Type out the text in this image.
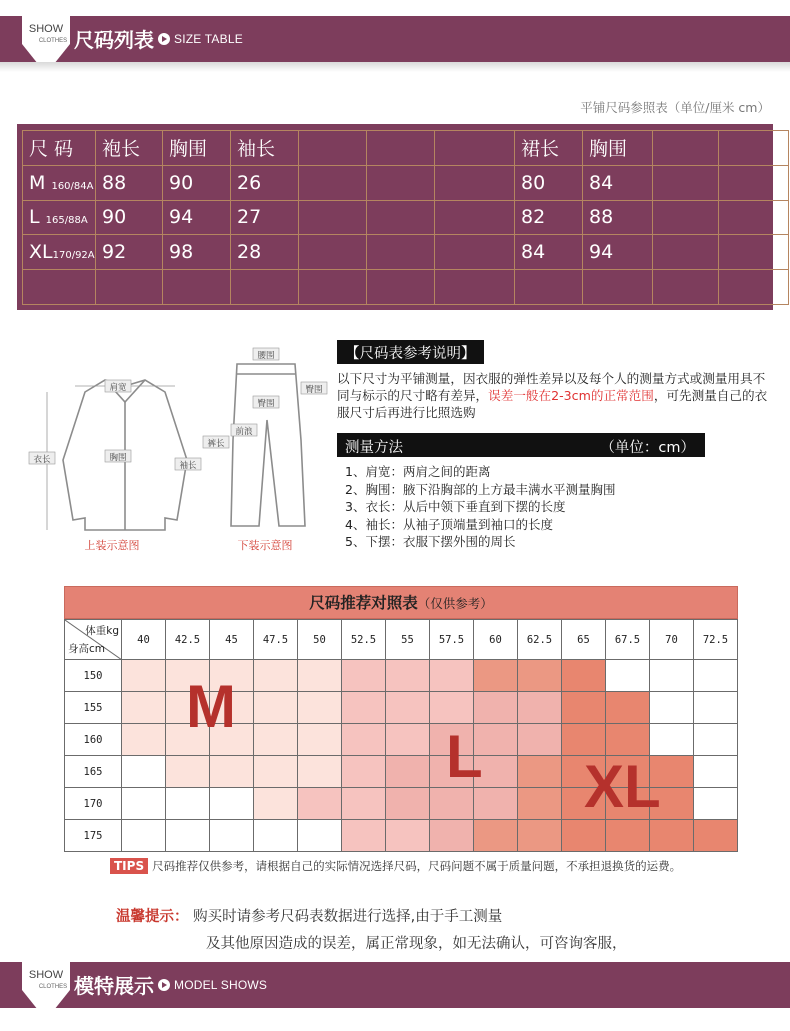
SHOW
CLOTHES 尺码列表 SIZE TABLE
平铺尺码参照表（单位/厘米 cm）
尺 码	袍长	胸围	袖长				裙长	胸围		
M 160/84A	88	90	26				80	84		
L 165/88A	90	94	27				82	88		
XL170/92A	92	98	28				84	94		

肩宽
胸围
衣长
袖长
上装示意图
腰围
臀围
臀围
前浪
裤长
下装示意图
【尺码表参考说明】
以下尺寸为平铺测量，因衣服的弹性差异以及每个人的测量方式或测量用具不同与标示的尺寸略有差异，误差一般在2-3cm的正常范围，可先测量自己的衣服尺寸后再进行比照选购
测量方法	（单位：cm）
1、肩宽：两肩之间的距离
2、胸围：腋下沿胸部的上方最丰满水平测量胸围
3、衣长：从后中领下垂直到下摆的长度
4、袖长：从袖子顶端量到袖口的长度
5、下摆：衣服下摆外围的周长
尺码推荐对照表（仅供参考）
体重kg
身高cm	40	42.5	45	47.5	50	52.5	55	57.5	60	62.5	65	67.5	70	72.5
150														
155														
160														
165														
170														
175														
M
L XL
TIPS 尺码推荐仅供参考，请根据自己的实际情况选择尺码，尺码问题不属于质量问题，不承担退换货的运费。
温馨提示： 购买时请参考尺码表数据进行选择,由于手工测量
及其他原因造成的误差，属正常现象，如无法确认，可咨询客服，
SHOW
CLOTHES 模特展示 MODEL SHOWS
